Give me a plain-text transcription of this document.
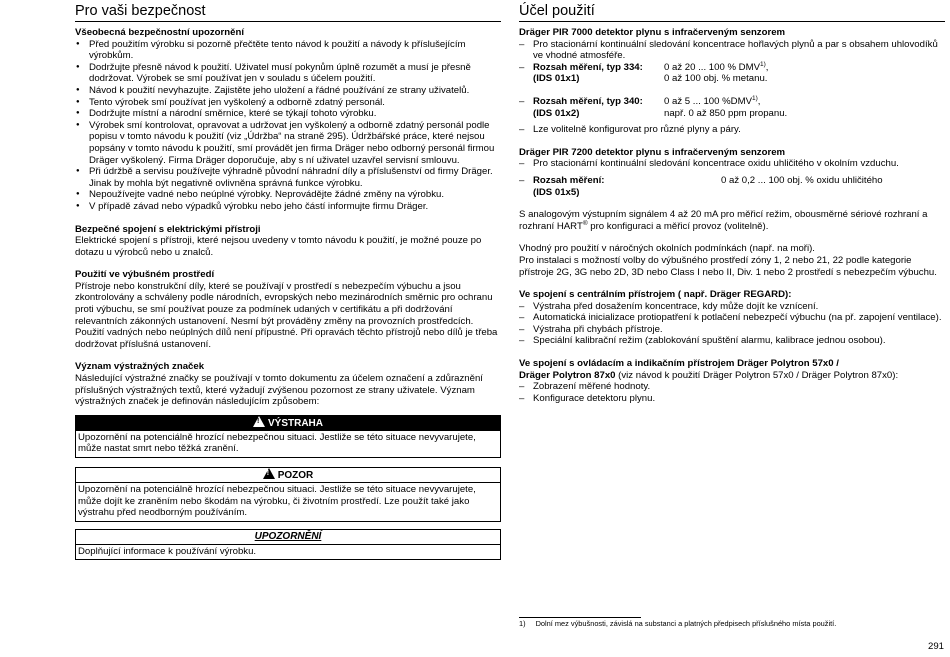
Pro vaši bezpečnost
Všeobecná bezpečnostní upozornění
● Před použitím výrobku si pozorně přečtěte tento návod k použití a návody k příslušejícím výrobkům.
● Dodržujte přesně návod k použití. Uživatel musí pokynům úplně rozumět a musí je přesně dodržovat. Výrobek se smí používat jen v souladu s účelem použití.
● Návod k použití nevyhazujte. Zajistěte jeho uložení a řádné používání ze strany uživatelů.
● Tento výrobek smí používat jen vyškolený a odborně zdatný personál.
● Dodržujte místní a národní směrnice, které se týkají tohoto výrobku.
● Výrobek smí kontrolovat, opravovat a udržovat jen vyškolený a odborně zdatný personál podle popisu v tomto návodu k použití (viz „Údržba“ na straně 295). Údržbářské práce, které nejsou popsány v tomto návodu k použití, smí provádět jen firma Dräger nebo odborný personál firmou Dräger vyškolený. Firma Dräger doporučuje, aby s ní uživatel uzavřel servisní smlouvu.
● Při údržbě a servisu používejte výhradně původní náhradní díly a příslušenství od firmy Dräger. Jinak by mohla být negativně ovlivněna správná funkce výrobku.
● Nepoužívejte vadné nebo neúplné výrobky. Neprovádějte žádné změny na výrobku.
● V případě závad nebo výpadků výrobku nebo jeho částí informujte firmu Dräger.
Bezpečné spojení s elektrickými přístroji

Elektrické spojení s přístroji, které nejsou uvedeny v tomto návodu k použití, je možné pouze po dotazu u výrobců nebo u znalců.

Použití ve výbušném prostředí

Přístroje nebo konstrukční díly, které se používají v prostředí s nebezpečím výbuchu a jsou zkontrolovány a schváleny podle národních, evropských nebo mezinárodních směrnic pro ochranu proti výbuchu, se smí používat pouze za podmínek udaných v certifikátu a při dodržování relevantních zákonných ustanovení. Nesmí být prováděny změny na provozních prostředcích. Použití vadných nebo neúplných dílů není přípustné. Při opravách těchto přístrojů nebo dílů je třeba dodržovat příslušná ustanovení.

Význam výstražných značek

Následující výstražné značky se používají v tomto dokumentu za účelem označení a zdůraznění příslušných výstražných textů, které vyžadují zvýšenou pozornost ze strany uživatele. Význam výstražných značek je definován následujícím způsobem:

! VÝSTRAHA
Upozornění na potenciálně hrozící nebezpečnou situaci. Jestliže se této situace nevyvarujete, může nastat smrt nebo těžká zranění.
! POZOR
Upozornění na potenciálně hrozící nebezpečnou situaci. Jestliže se této situace nevyvarujete, může dojít ke zraněním nebo škodám na výrobku, či životním prostředí. Lze použít také jako výstrahu před neodborným používáním.
UPOZORNĚNÍ
Doplňující informace k používání výrobku.
Účel použití
Dräger PIR 7000 detektor plynu s infračerveným senzorem
– Pro stacionární kontinuální sledování koncentrace hořlavých plynů a par s obsahem uhlovodíků ve vhodné atmosféře.
– Rozsah měření, typ 334:
(IDS 01x1)
0 až 20 ... 100 % DMV$^{1)}$,
0 až 100 obj. % metanu.
– Rozsah měření, typ 340:
(IDS 01x2)
0 až 5 ... 100 %DMV$^{1)}$,
např. 0 až 850 ppm propanu.
– Lze volitelně konfigurovat pro různé plyny a páry.
Dräger PIR 7200 detektor plynu s infračerveným senzorem
– Pro stacionární kontinuální sledování koncentrace oxidu uhličitého v okolním vzduchu.
– Rozsah měření:
(IDS 01x5)
0 až 0,2 ... 100 obj. % oxidu uhličitého

S analogovým výstupním signálem 4 až 20 mA pro měřicí režim, obousměrné sériové rozhraní a rozhraní HART® pro konfiguraci a měřicí provoz (volitelně).

Vhodný pro použití v náročných okolních podmínkách (např. na moři).

Pro instalaci s možností volby do výbušného prostředí zóny 1, 2 nebo 21, 22 podle kategorie přístroje 2G, 3G nebo 2D, 3D nebo Class I nebo II, Div. 1 nebo 2 prostředí s nebezpečím výbuchu.

Ve spojení s centrálním přístrojem ( např. Dräger REGARD):
– Výstraha před dosažením koncentrace, kdy může dojít ke vznícení.
– Automatická inicializace protiopatření k potlačení nebezpečí výbuchu (na př. zapojení ventilace).
– Výstraha při chybách přístroje.
– Speciální kalibrační režim (zablokování spuštění alarmu, kalibrace jednou osobou).
Ve spojení s ovládacím a indikačním přístrojem Dräger Polytron 57x0 /

Dräger Polytron 87x0 (viz návod k použití Dräger Polytron 57x0 / Dräger Polytron 87x0):

– Zobrazení měřené hodnoty.
– Konfigurace detektoru plynu.
1) Dolní mez výbušnosti, závislá na substanci a platných předpisech příslušného místa použití.
291
